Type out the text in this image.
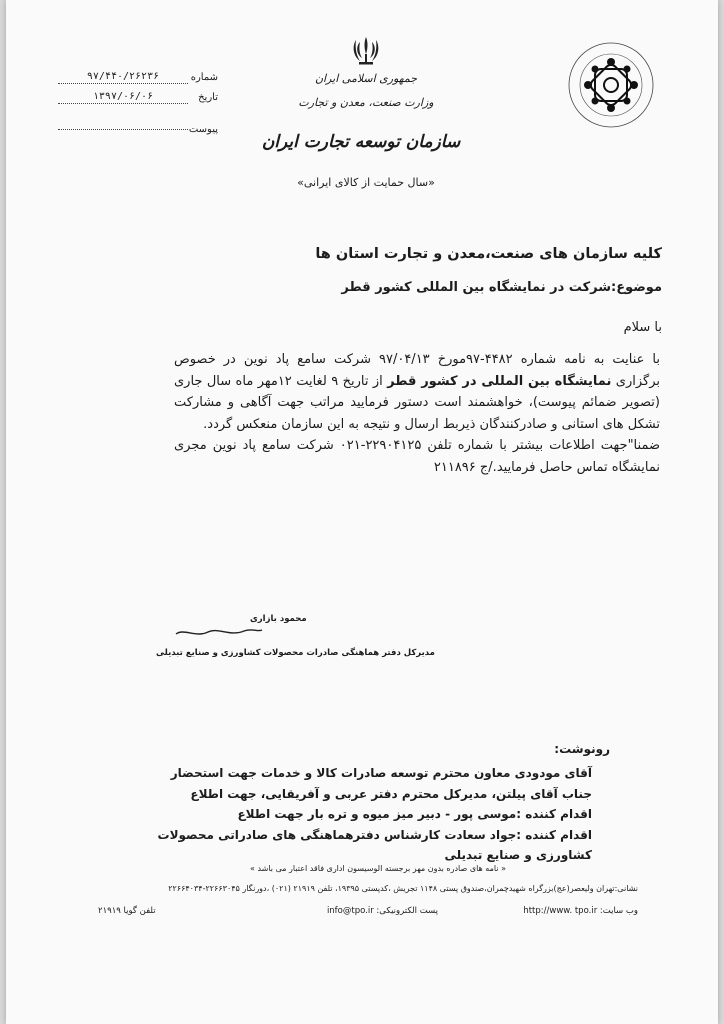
شماره
۹۷/۴۴۰/۲۶۲۳۶
تاریخ
۱۳۹۷/۰۶/۰۶
پیوست
جمهوری اسلامی ایران
وزارت صنعت، معدن و تجارت
سازمان توسعه تجارت ایران
«سال حمایت از کالای ایرانی»
کلیه سازمان های صنعت،معدن و تجارت استان ها
موضوع:شرکت در نمایشگاه بین المللی کشور قطر
با سلام
با عنایت به نامه شماره ۴۴۸۲-۹۷مورخ ۹۷/۰۴/۱۳ شرکت سامع پاد نوین در خصوص برگزاری نمایشگاه بین المللی در کشور قطر از تاریخ ۹ لغایت ۱۲مهر ماه سال جاری (تصویر ضمائم پیوست)، خواهشمند است دستور فرمایید مراتب جهت آگاهی و مشارکت تشکل های استانی و صادرکنندگان ذیربط ارسال و نتیجه به این سازمان منعکس گردد.
ضمنا"جهت اطلاعات بیشتر با شماره تلفن ۲۲۹۰۴۱۲۵-۰۲۱ شرکت سامع پاد نوین مجری نمایشگاه تماس حاصل فرمایید./ج ۲۱۱۸۹۶
محمود بازاری
مدیرکل دفتر هماهنگی صادرات محصولات کشاورزی و صنایع تبدیلی
رونوشت:
آقای مودودی معاون محترم توسعه صادرات کالا و خدمات جهت استحضار
جناب آقای پیلتن، مدیرکل محترم دفتر عربی و آفریقایی، جهت اطلاع
اقدام کننده :موسی پور - دبیر میز میوه و تره بار جهت اطلاع
اقدام کننده :جواد سعادت کارشناس دفترهماهنگی های صادراتی محصولات
کشاورزی و صنایع تبدیلی
« نامه های صادره بدون مهر برجسته الوسیسون اداری فاقد اعتبار می باشد »
نشانی:تهران ولیعصر(عج)بزرگراه شهیدچمران،صندوق پستی ۱۱۴۸ تجریش ،کدپستی ۱۹۳۹۵، تلفن ۲۱۹۱۹ (۰۲۱) ،دورنگار ۲۲۶۶۳۰۴۵-۲۲۶۶۴۰۳۴
وب سایت: http://www. tpo.ir
پست الکترونیکی: info@tpo.ir
تلفن گویا ۲۱۹۱۹
